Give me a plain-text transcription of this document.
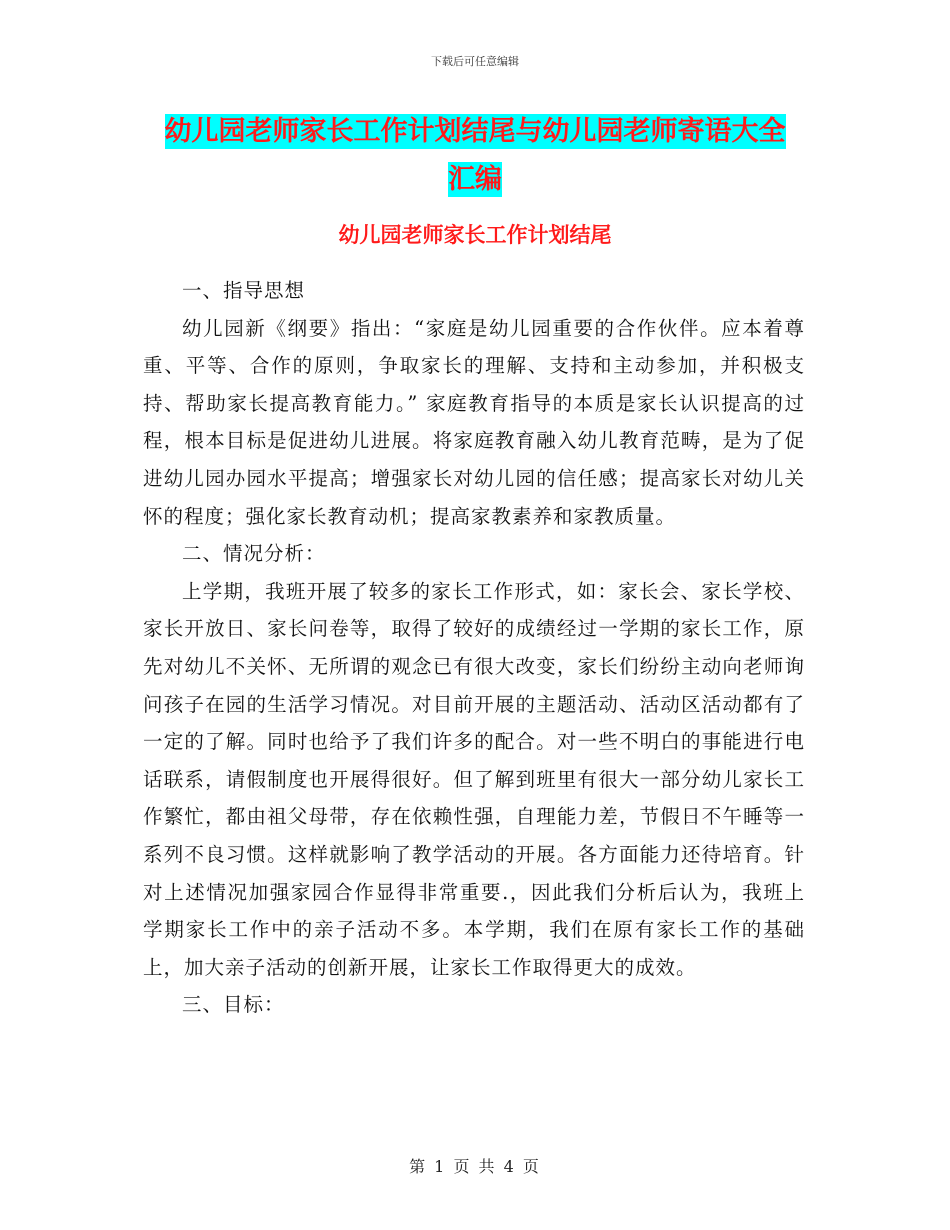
下载后可任意编辑
幼儿园老师家长工作计划结尾与幼儿园老师寄语大全
汇编
幼儿园老师家长工作计划结尾

一、指导思想

幼儿园新《纲要》指出：“家庭是幼儿园重要的合作伙伴。应本着尊重、平等、合作的原则，争取家长的理解、支持和主动参加，并积极支持、帮助家长提高教育能力。” 家庭教育指导的本质是家长认识提高的过程，根本目标是促进幼儿进展。将家庭教育融入幼儿教育范畴，是为了促进幼儿园办园水平提高；增强家长对幼儿园的信任感；提高家长对幼儿关怀的程度；强化家长教育动机；提高家教素养和家教质量。

二、情况分析：

上学期，我班开展了较多的家长工作形式，如：家长会、家长学校、家长开放日、家长问卷等，取得了较好的成绩经过一学期的家长工作，原先对幼儿不关怀、无所谓的观念已有很大改变，家长们纷纷主动向老师询问孩子在园的生活学习情况。对目前开展的主题活动、活动区活动都有了一定的了解。同时也给予了我们许多的配合。对一些不明白的事能进行电话联系，请假制度也开展得很好。但了解到班里有很大一部分幼儿家长工作繁忙，都由祖父母带，存在依赖性强，自理能力差，节假日不午睡等一系列不良习惯。这样就影响了教学活动的开展。各方面能力还待培育。针对上述情况加强家园合作显得非常重要.，因此我们分析后认为，我班上学期家长工作中的亲子活动不多。本学期，我们在原有家长工作的基础上，加大亲子活动的创新开展，让家长工作取得更大的成效。

三、目标：

第 1 页 共 4 页
